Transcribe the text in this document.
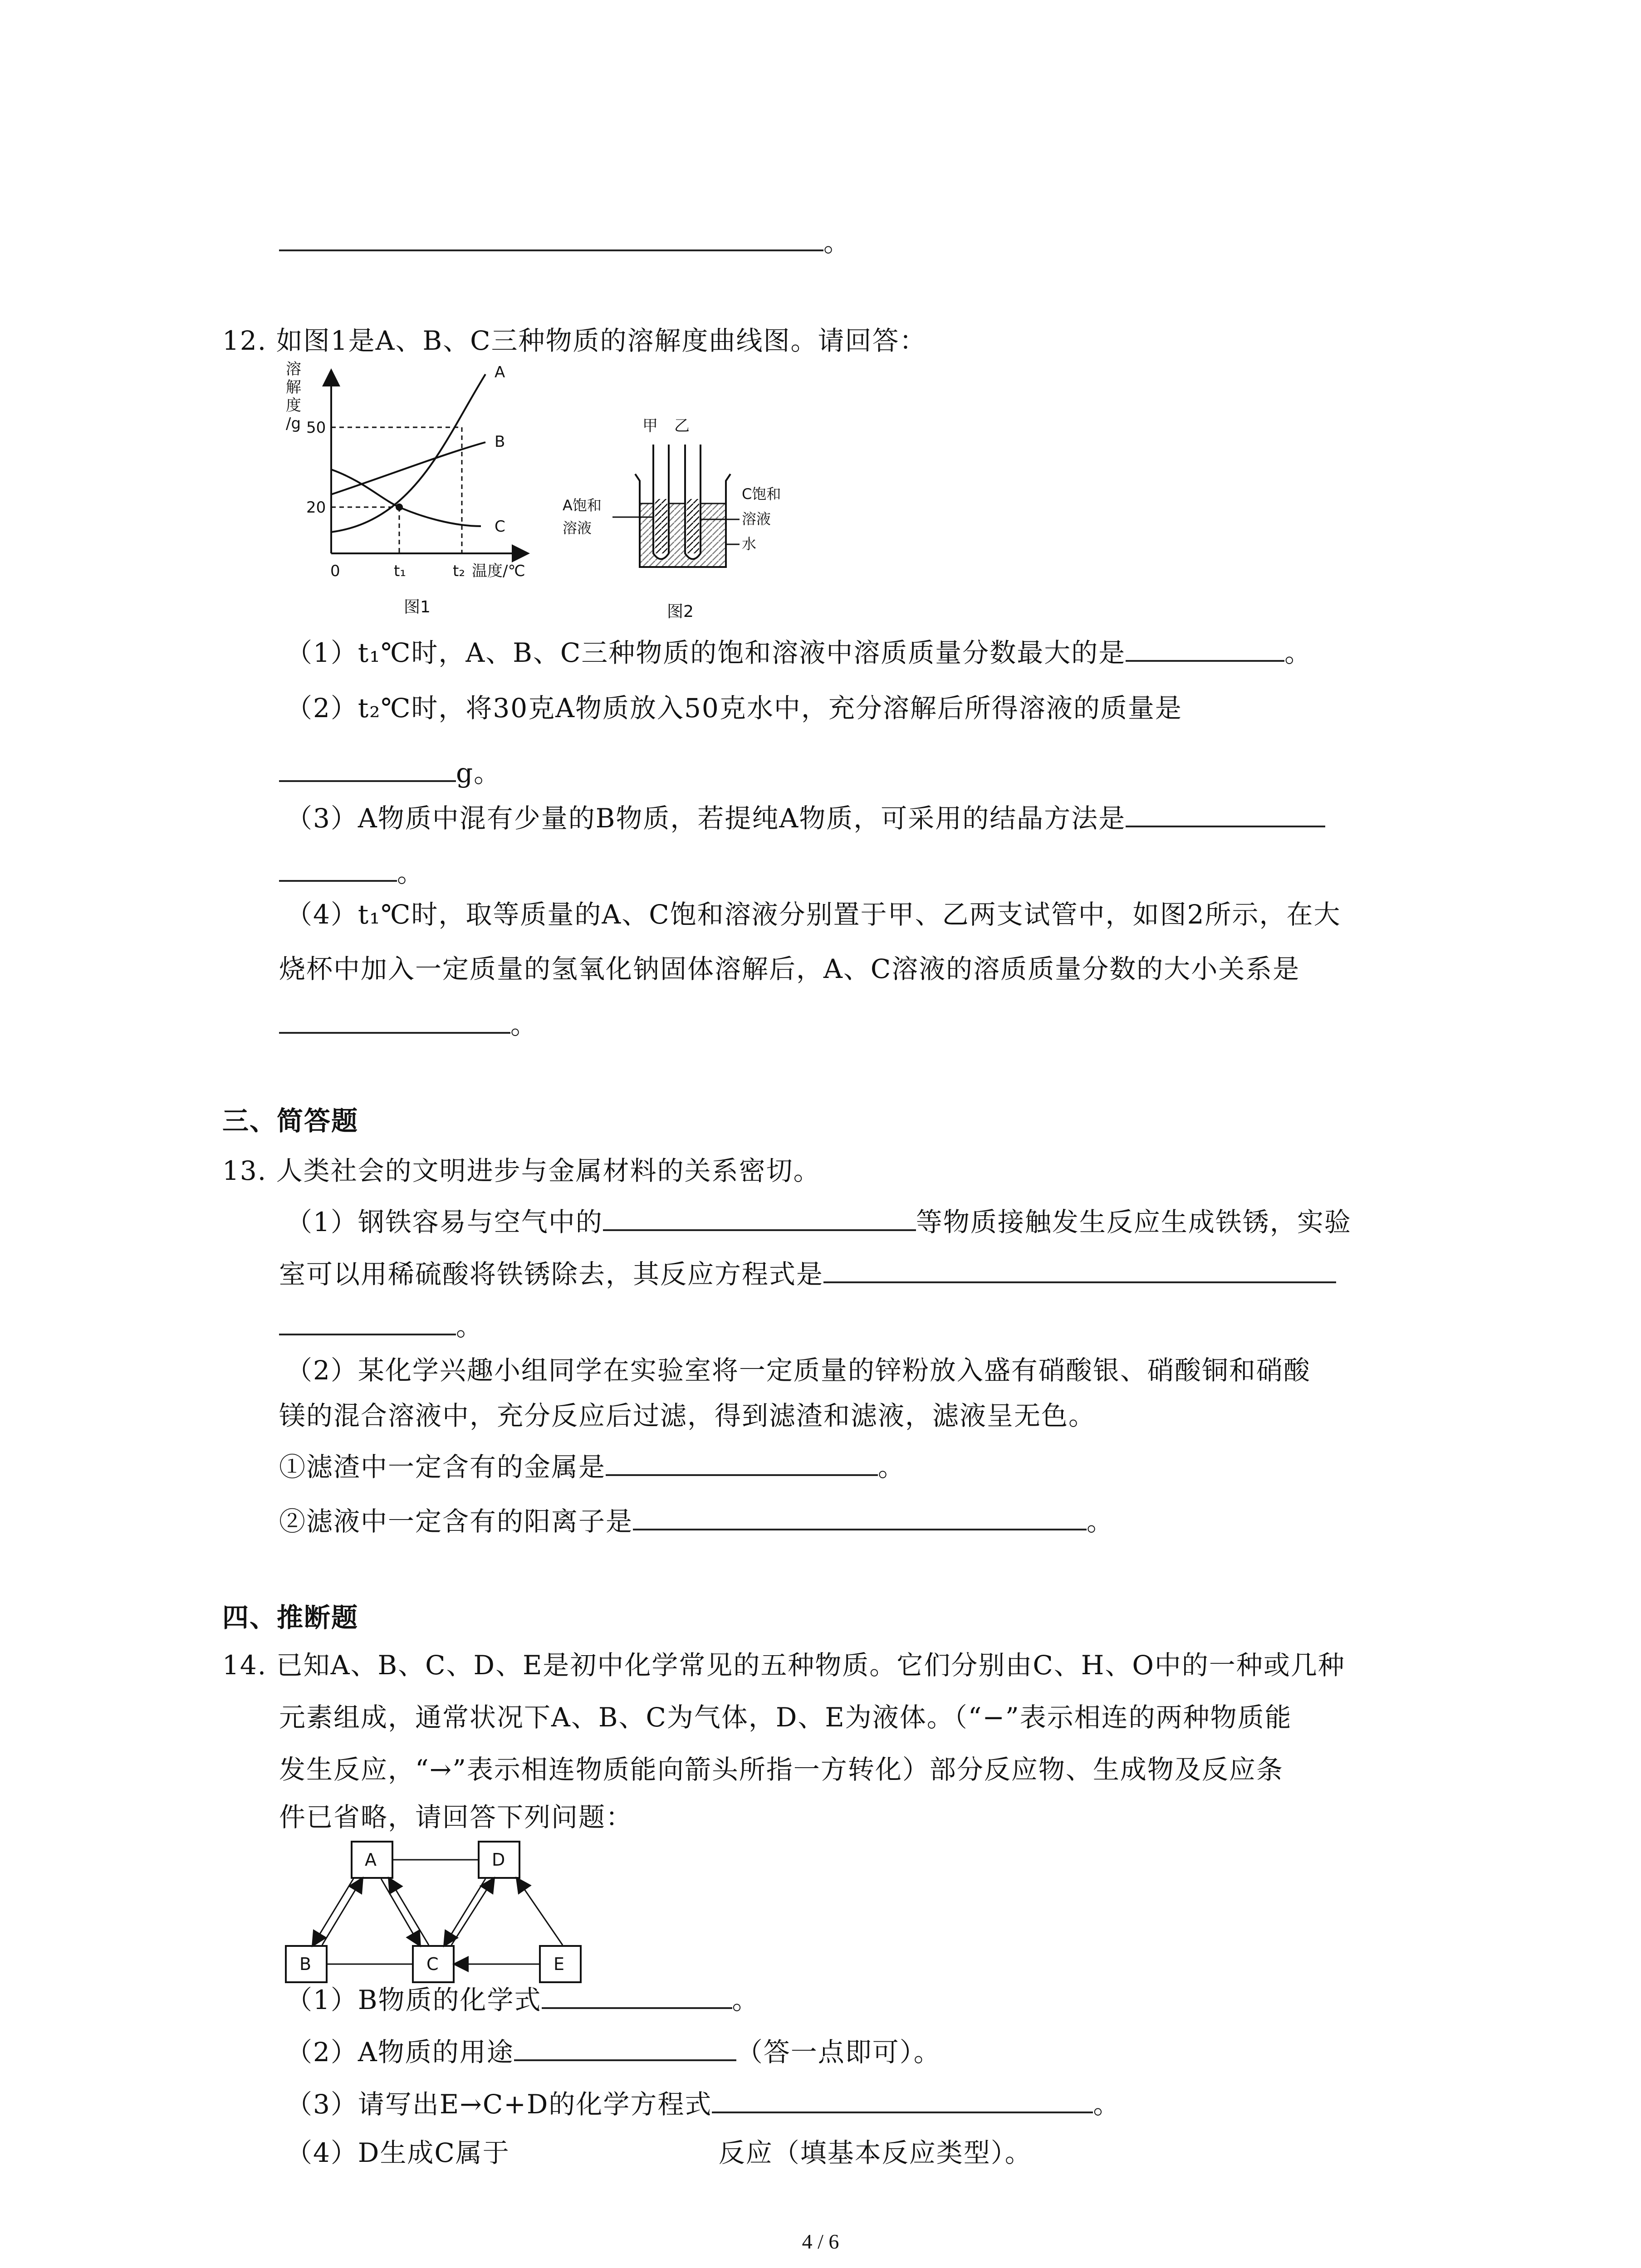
。
12. 如图1是A、B、C三种物质的溶解度曲线图。请回答：
溶
解
度
/g 50
20
0	t₁	t₂ 温度/℃
A
B
C
图1
甲 乙
A饱和
溶液
C饱和
溶液
水
图2
（1）t₁℃时，A、B、C三种物质的饱和溶液中溶质质量分数最大的是	。
（2）t₂℃时，将30克A物质放入50克水中，充分溶解后所得溶液的质量是
g。
（3）A物质中混有少量的B物质，若提纯A物质，可采用的结晶方法是
。
（4）t₁℃时，取等质量的A、C饱和溶液分别置于甲、乙两支试管中，如图2所示，在大
烧杯中加入一定质量的氢氧化钠固体溶解后，A、C溶液的溶质质量分数的大小关系是
。
三、简答题
13. 人类社会的文明进步与金属材料的关系密切。
（1）钢铁容易与空气中的	等物质接触发生反应生成铁锈，实验
室可以用稀硫酸将铁锈除去，其反应方程式是
。
（2）某化学兴趣小组同学在实验室将一定质量的锌粉放入盛有硝酸银、硝酸铜和硝酸
镁的混合溶液中，充分反应后过滤，得到滤渣和滤液，滤液呈无色。
①滤渣中一定含有的金属是	。
②滤液中一定含有的阳离子是	。
四、推断题
14. 已知A、B、C、D、E是初中化学常见的五种物质。它们分别由C、H、O中的一种或几种
元素组成，通常状况下A、B、C为气体，D、E为液体。（“−”表示相连的两种物质能
发生反应，“→”表示相连物质能向箭头所指一方转化）部分反应物、生成物及反应条
件已省略，请回答下列问题：
A	D
B	C	E
（1）B物质的化学式	。
（2）A物质的用途	（答一点即可）。
（3）请写出E→C+D的化学方程式	。
（4）D生成C属于	反应（填基本反应类型）。
4 / 6
